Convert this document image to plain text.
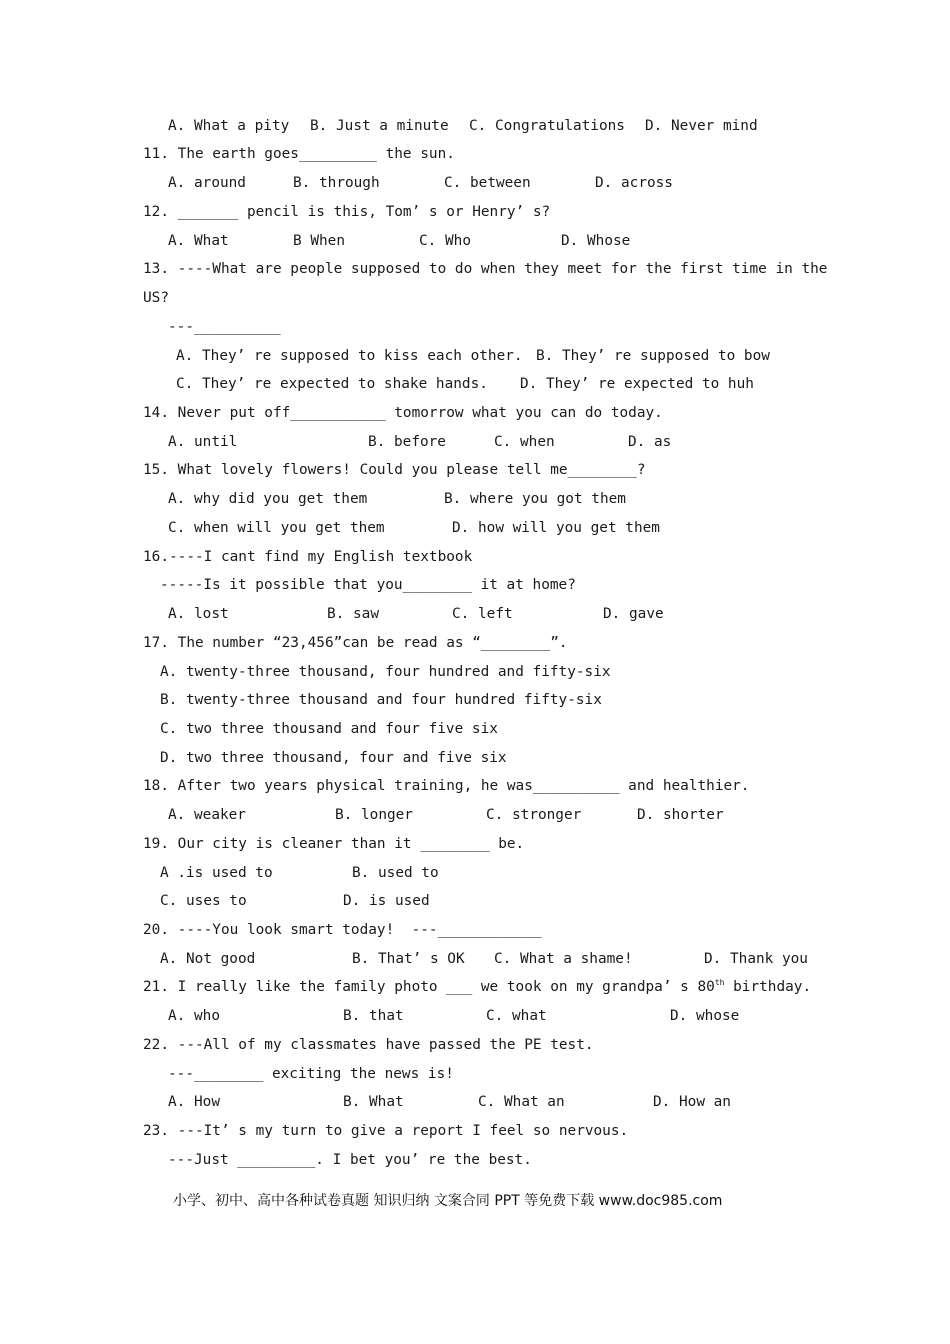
A. What a pity B. Just a minute C. Congratulations D. Never mind
11. The earth goes_________ the sun.
A. around	B. through	C. between	D. across
12. _______ pencil is this, Tom’ s or Henry’ s?
A. What	B When	C. Who	D. Whose
13. ----What are people supposed to do when they meet for the first time in the
US?
---__________
A. They’ re supposed to kiss each other. B. They’ re supposed to bow
C. They’ re expected to shake hands. D. They’ re expected to huh
14. Never put off___________ tomorrow what you can do today.
A. until	B. before	C. when	D. as
15. What lovely flowers! Could you please tell me________?
A. why did you get them	B. where you got them
C. when will you get them	D. how will you get them
16.----I cant find my English textbook
-----Is it possible that you________ it at home?
A. lost	B. saw	C. left	D. gave
17. The number “23,456”can be read as “________”.
A. twenty-three thousand, four hundred and fifty-six
B. twenty-three thousand and four hundred fifty-six
C. two three thousand and four five six
D. two three thousand, four and five six
18. After two years physical training, he was__________ and healthier.
A. weaker	B. longer	C. stronger	D. shorter
19. Our city is cleaner than it ________ be.
A .is used to	B. used to
C. uses to	D. is used
20. ----You look smart today!  ---____________
A. Not good	B. That’ s OK C. What a shame!	D. Thank you
21. I really like the family photo ___ we took on my grandpa’ s 80th birthday.
A. who	B. that	C. what	D. whose
22. ---All of my classmates have passed the PE test.
---________ exciting the news is!
A. How	B. What	C. What an	D. How an
23. ---It’ s my turn to give a report I feel so nervous.
---Just _________. I bet you’ re the best.
小学、初中、高中各种试卷真题 知识归纳 文案合同 PPT 等免费下载 www.doc985.com
